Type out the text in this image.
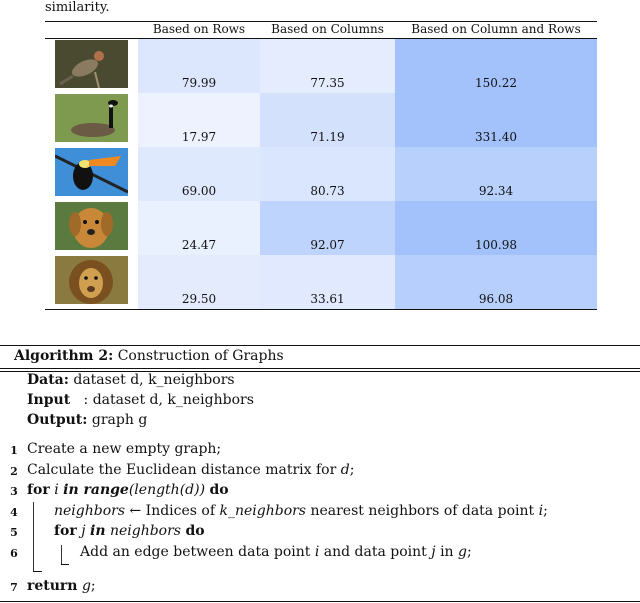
similarity.
Based on Rows	Based on Columns	Based on Column and Rows
79.99	77.35	150.22
17.97	71.19	331.40
69.00	80.73	92.34
24.47	92.07	100.98
29.50	33.61	96.08
Algorithm 2: Construction of Graphs
Data: dataset d, k_neighbors
Input : dataset d, k_neighbors
Output: graph g
1 Create a new empty graph;
2 Calculate the Euclidean distance matrix for d;
3 for i in range(length(d)) do
4	neighbors ← Indices of k_neighbors nearest neighbors of data point i;
5	for j in neighbors do
6	Add an edge between data point i and data point j in g;
7 return g;
